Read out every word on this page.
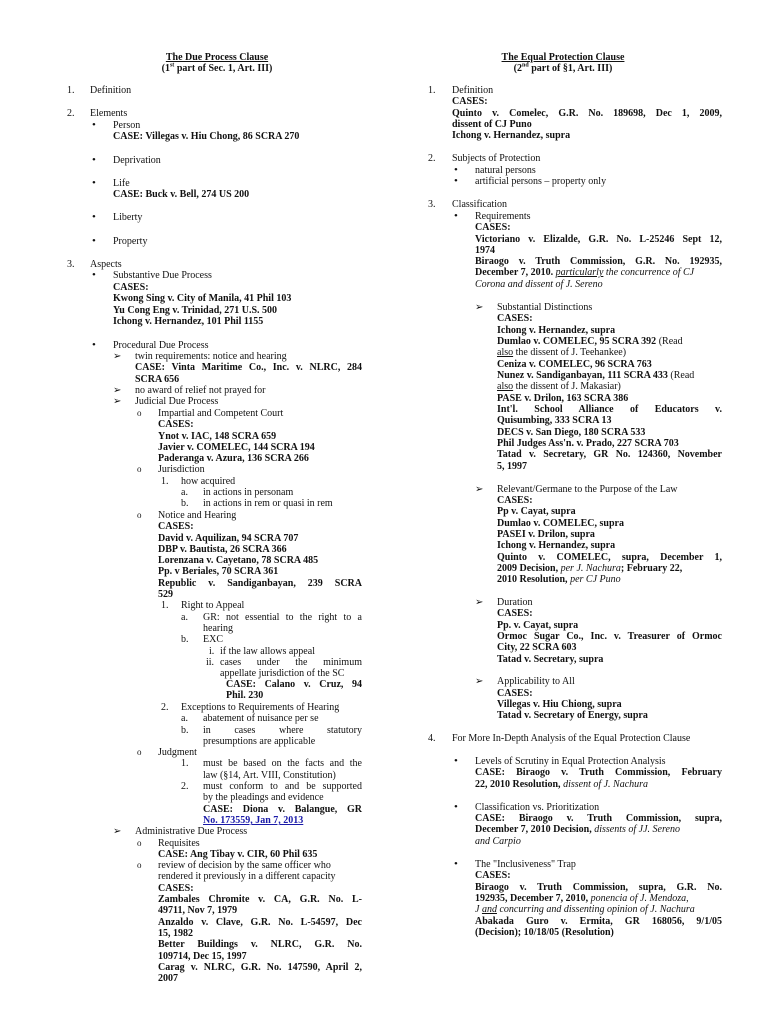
The Due Process Clause
(1st part of Sec. 1, Art. III)
1. Definition
2. Elements
• Person
CASE: Villegas v. Hiu Chong, 86 SCRA 270
• Deprivation
• Life
CASE: Buck v. Bell, 274 US 200
• Liberty
• Property
3. Aspects
• Substantive Due Process
CASES:
Kwong Sing v. City of Manila, 41 Phil 103
Yu Cong Eng v. Trinidad, 271 U.S. 500
Ichong v. Hernandez, 101 Phil 1155
• Procedural Due Process
➢ twin requirements: notice and hearing
CASE: Vinta Maritime Co., Inc. v. NLRC, 284
SCRA 656
➢ no award of relief not prayed for
➢ Judicial Due Process
o Impartial and Competent Court
CASES:
Ynot v. IAC, 148 SCRA 659
Javier v. COMELEC, 144 SCRA 194
Paderanga v. Azura, 136 SCRA 266
o Jurisdiction
1. how acquired
a. in actions in personam
b. in actions in rem or quasi in rem
o Notice and Hearing
CASES:
David v. Aquilizan, 94 SCRA 707
DBP v. Bautista, 26 SCRA 366
Lorenzana v. Cayetano, 78 SCRA 485
Pp. v Beriales, 70 SCRA 361
Republic v. Sandiganbayan, 239 SCRA
529
1. Right to Appeal
a. GR: not essential to the right to a
hearing
b. EXC
i. if the law allows appeal
ii. cases under the minimum
appellate jurisdiction of the SC
CASE: Calano v. Cruz, 94
Phil. 230
2. Exceptions to Requirements of Hearing
a. abatement of nuisance per se
b. in cases where statutory
presumptions are applicable
o Judgment
1. must be based on the facts and the
law (§14, Art. VIII, Constitution)
2. must conform to and be supported
by the pleadings and evidence
CASE: Diona v. Balangue, GR
No. 173559, Jan 7, 2013
➢ Administrative Due Process
o Requisites
CASE: Ang Tibay v. CIR, 60 Phil 635
o review of decision by the same officer who
rendered it previously in a different capacity
CASES:
Zambales Chromite v. CA, G.R. No. L-
49711, Nov 7, 1979
Anzaldo v. Clave, G.R. No. L-54597, Dec
15, 1982
Better Buildings v. NLRC, G.R. No.
109714, Dec 15, 1997
Carag v. NLRC, G.R. No. 147590, April 2,
2007
The Equal Protection Clause
(2nd part of §1, Art. III)
1. Definition
CASES:
Quinto v. Comelec, G.R. No. 189698, Dec 1, 2009,
dissent of CJ Puno
Ichong v. Hernandez, supra
2. Subjects of Protection
• natural persons
• artificial persons – property only
3. Classification
• Requirements
CASES:
Victoriano v. Elizalde, G.R. No. L-25246 Sept 12,
1974
Biraogo v. Truth Commission, G.R. No. 192935,
December 7, 2010. particularly the concurrence of CJ
Corona and dissent of J. Sereno
➢ Substantial Distinctions
CASES:
Ichong v. Hernandez, supra
Dumlao v. COMELEC, 95 SCRA 392 (Read
also the dissent of J. Teehankee)
Ceniza v. COMELEC, 96 SCRA 763
Nunez v. Sandiganbayan, 111 SCRA 433 (Read
also the dissent of J. Makasiar)
PASE v. Drilon, 163 SCRA 386
Int'l. School Alliance of Educators v.
Quisumbing, 333 SCRA 13
DECS v. San Diego, 180 SCRA 533
Phil Judges Ass'n. v. Prado, 227 SCRA 703
Tatad v. Secretary, GR No. 124360, November
5, 1997
➢ Relevant/Germane to the Purpose of the Law
CASES:
Pp v. Cayat, supra
Dumlao v. COMELEC, supra
PASEI v. Drilon, supra
Ichong v. Hernandez, supra
Quinto v. COMELEC, supra, December 1,
2009 Decision, per J. Nachura; February 22,
2010 Resolution, per CJ Puno
➢ Duration
CASES:
Pp. v. Cayat, supra
Ormoc Sugar Co., Inc. v. Treasurer of Ormoc
City, 22 SCRA 603
Tatad v. Secretary, supra
➢ Applicability to All
CASES:
Villegas v. Hiu Chiong, supra
Tatad v. Secretary of Energy, supra
4. For More In-Depth Analysis of the Equal Protection Clause
• Levels of Scrutiny in Equal Protection Analysis
CASE: Biraogo v. Truth Commission, February
22, 2010 Resolution, dissent of J. Nachura
• Classification vs. Prioritization
CASE: Biraogo v. Truth Commission, supra,
December 7, 2010 Decision, dissents of JJ. Sereno
and Carpio
• The "Inclusiveness" Trap
CASES:
Biraogo v. Truth Commission, supra, G.R. No.
192935, December 7, 2010, ponencia of J. Mendoza,
J and concurring and dissenting opinion of J. Nachura
Abakada Guro v. Ermita, GR 168056, 9/1/05
(Decision); 10/18/05 (Resolution)
